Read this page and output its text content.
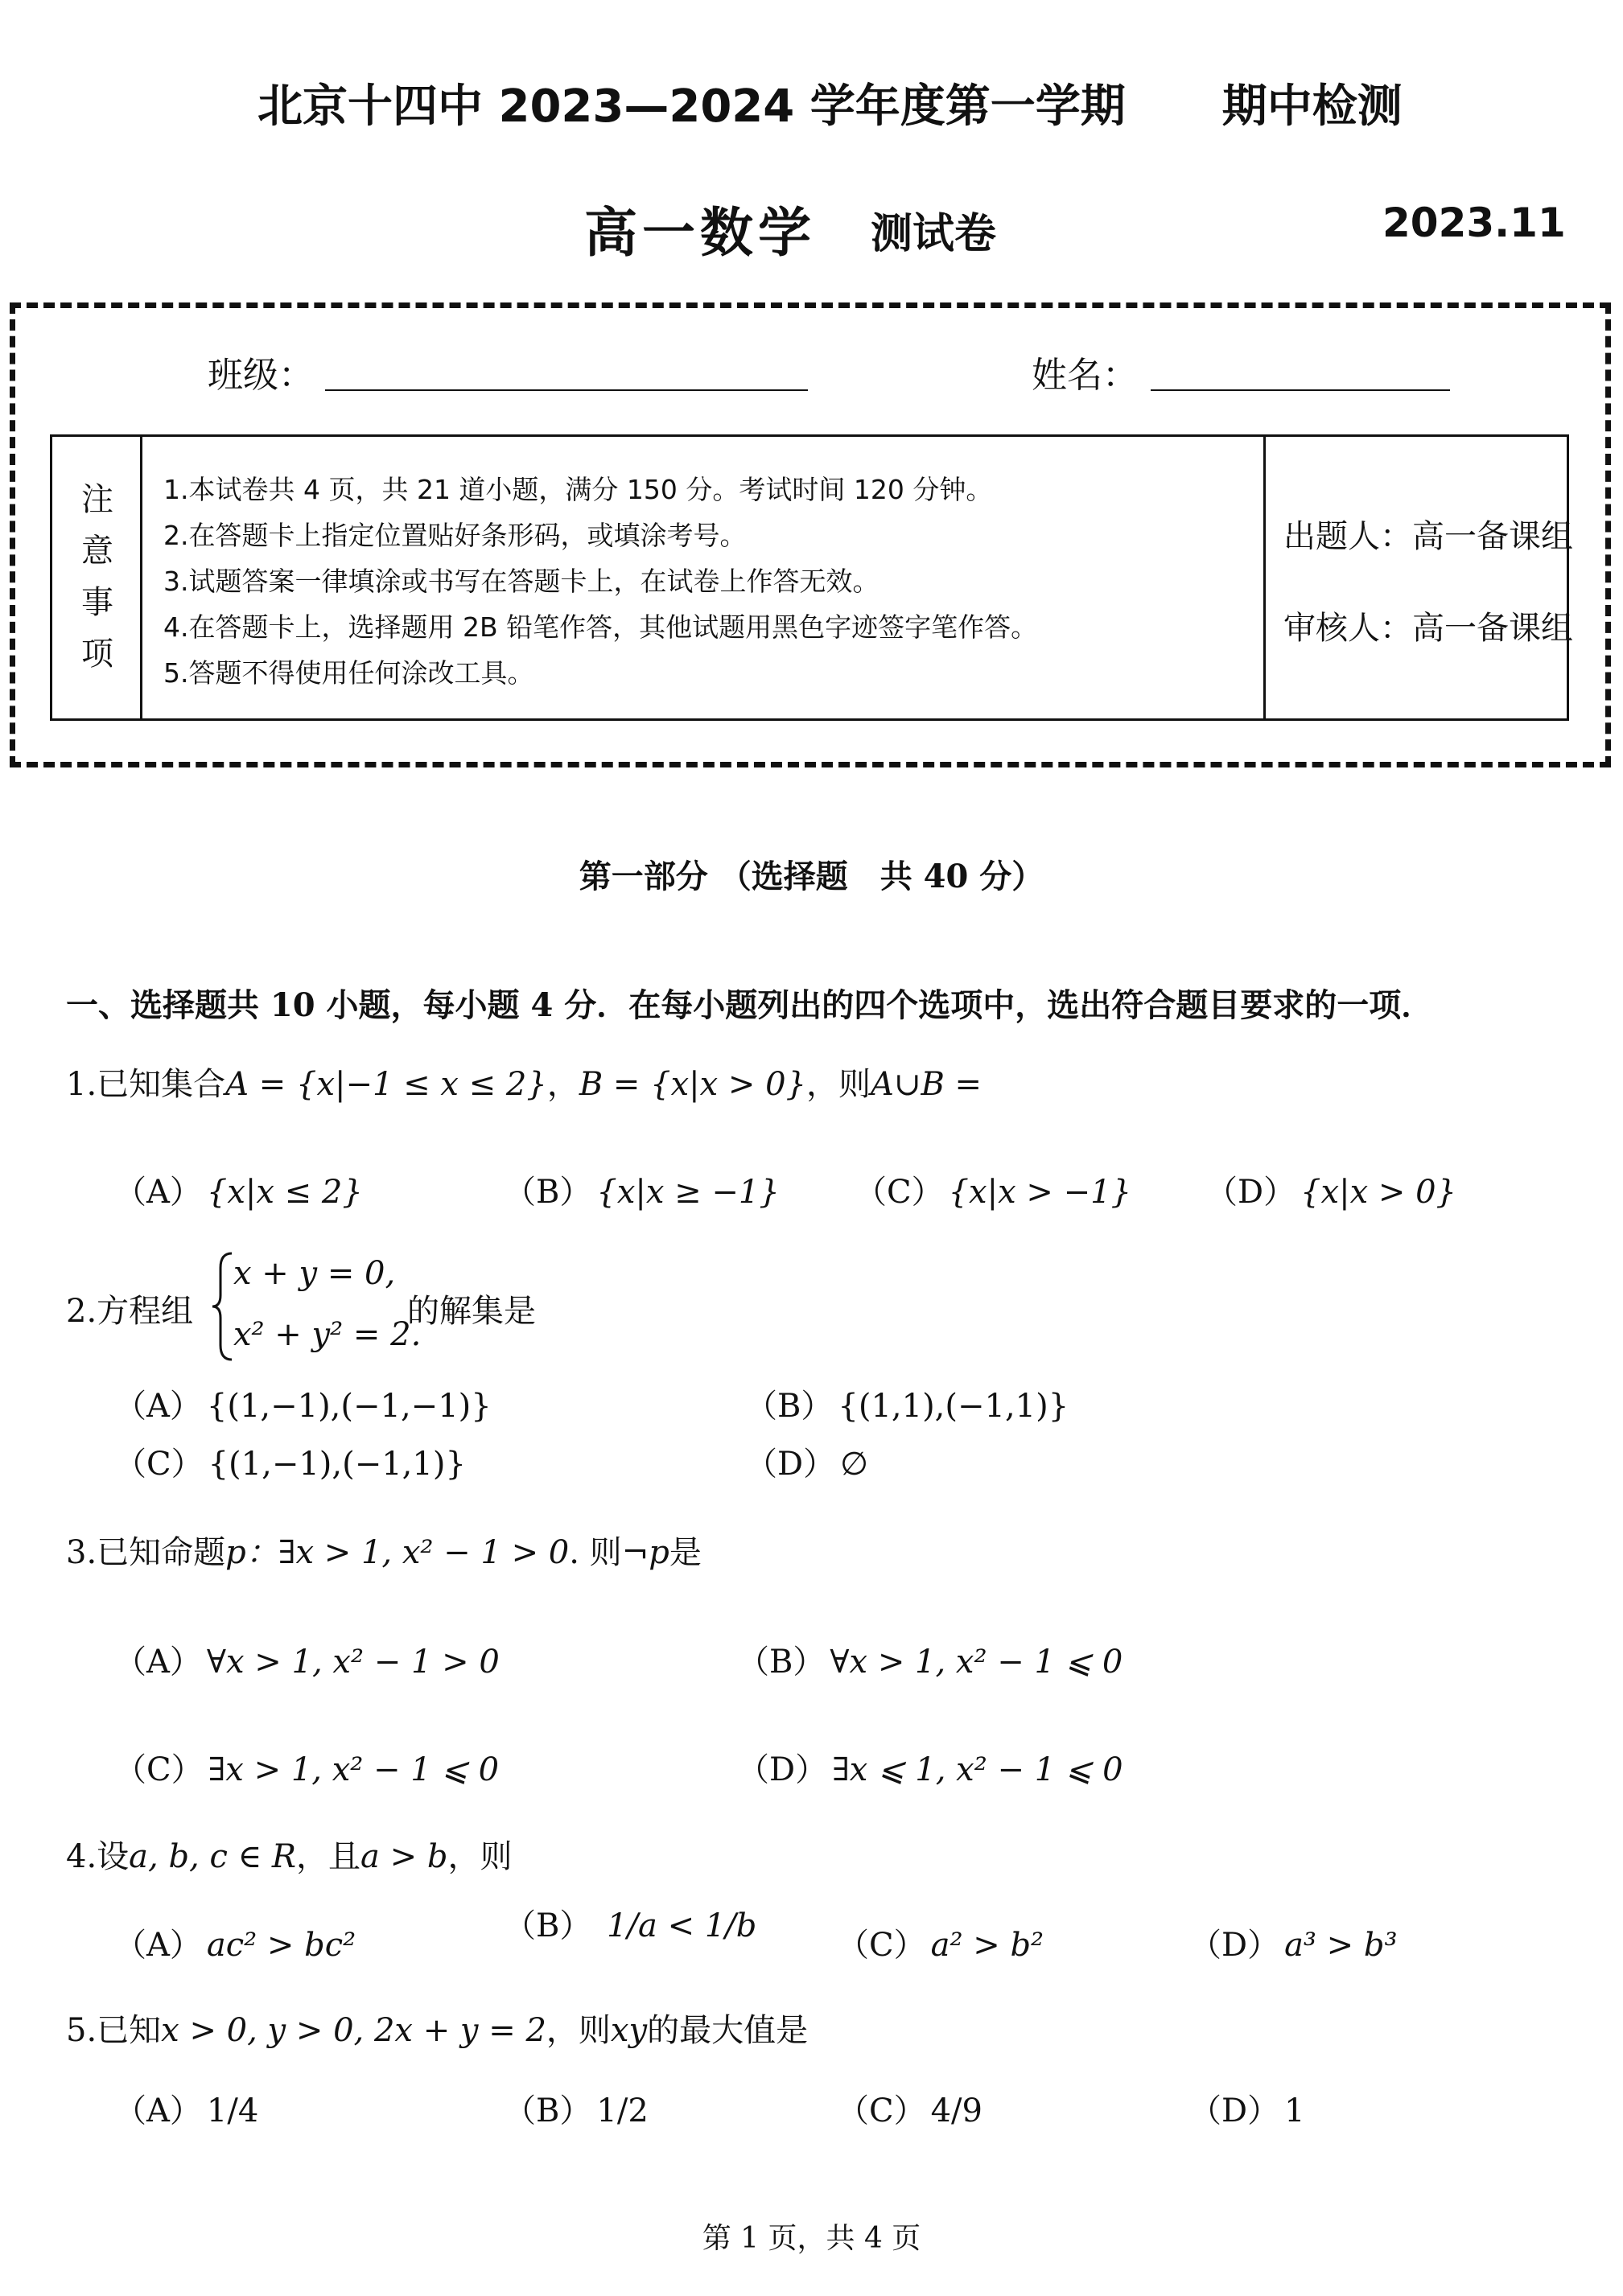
北京十四中 2023—2024 学年度第一学期 期中检测
高一数学 测试卷	2023.11
班级：	姓名：
注
意
事
项
1.本试卷共 4 页，共 21 道小题，满分 150 分。考试时间 120 分钟。
2.在答题卡上指定位置贴好条形码，或填涂考号。
3.试题答案一律填涂或书写在答题卡上，在试卷上作答无效。
4.在答题卡上，选择题用 2B 铅笔作答，其他试题用黑色字迹签字笔作答。
5.答题不得使用任何涂改工具。
出题人：高一备课组
审核人：高一备课组
第一部分 （选择题　共 40 分）
一、选择题共 10 小题，每小题 4 分．在每小题列出的四个选项中，选出符合题目要求的一项．
1.已知集合A = {x|−1 ≤ x ≤ 2}，B = {x|x > 0}，则A∪B =
（A） {x|x ≤ 2}	（B） {x|x ≥ −1} （C） {x|x > −1} （D） {x|x > 0}
2.方程组
x + y = 0,
x² + y² = 2.
的解集是
（A） {(1,−1),(−1,−1)}	（B） {(1,1),(−1,1)}
（C） {(1,−1),(−1,1)}	（D） ∅
3.已知命题p：∃x > 1, x² − 1 > 0. 则¬p是
（A） ∀x > 1, x² − 1 > 0	（B） ∀x > 1, x² − 1 ⩽ 0
（C） ∃x > 1, x² − 1 ⩽ 0	（D） ∃x ⩽ 1, x² − 1 ⩽ 0
4.设a, b, c ∈ R，且a > b，则
（A） ac² > bc²
（B） 1/a < 1/b
（C） a² > b²	（D） a³ > b³
5.已知x > 0, y > 0, 2x + y = 2，则xy的最大值是
（A） 1/4	（B） 1/2	（C） 4/9	（D） 1
第 1 页，共 4 页
